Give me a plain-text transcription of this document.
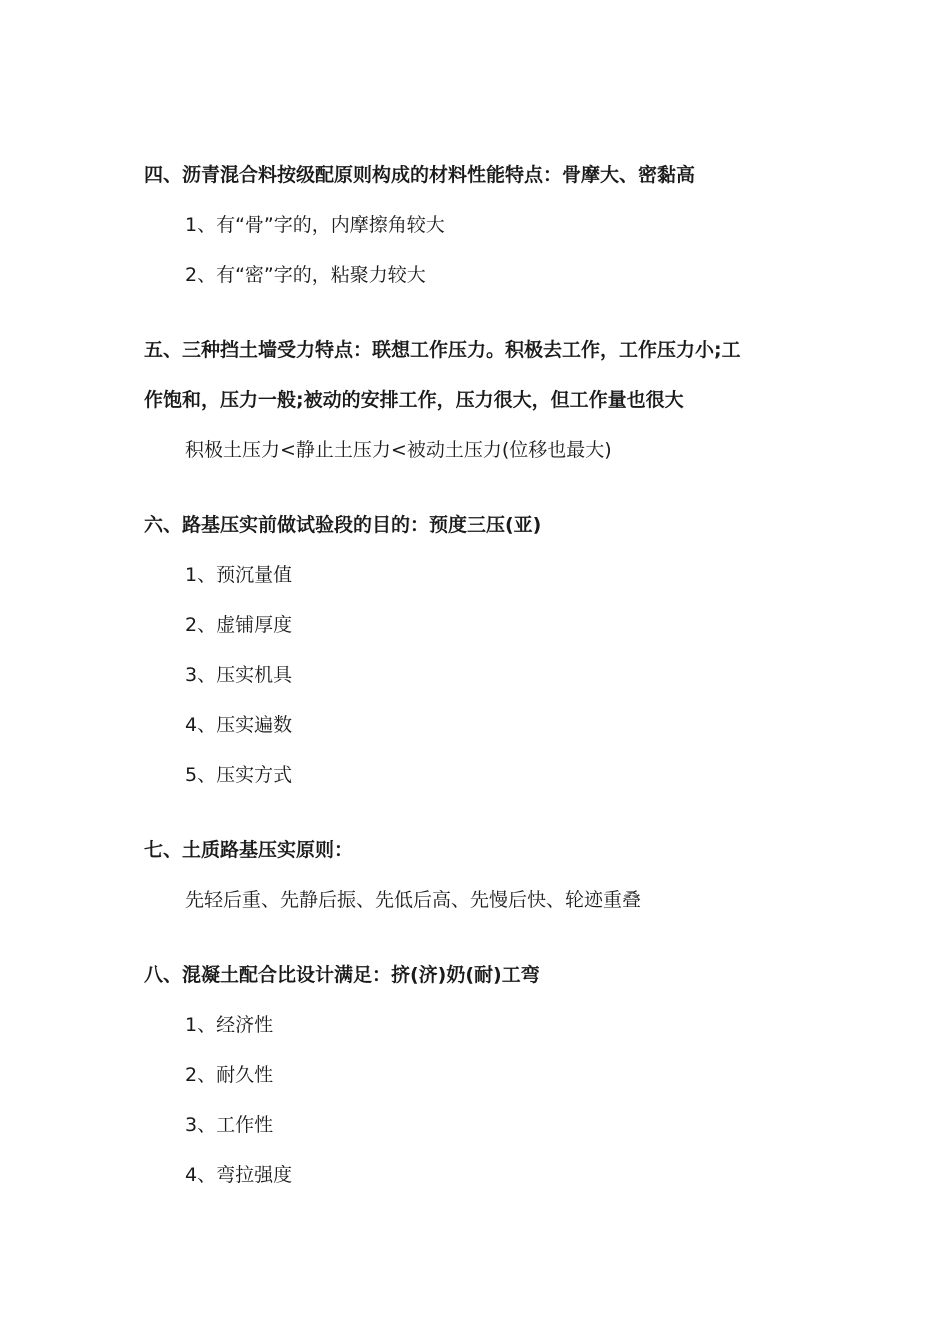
四、沥青混合料按级配原则构成的材料性能特点：骨摩大、密黏高

1、有“骨”字的，内摩擦角较大

2、有“密”字的，粘聚力较大

五、三种挡土墙受力特点：联想工作压力。积极去工作，工作压力小;工

作饱和，压力一般;被动的安排工作，压力很大，但工作量也很大

积极土压力<静止土压力<被动土压力(位移也最大)

六、路基压实前做试验段的目的：预度三压(亚)

1、预沉量值

2、虚铺厚度

3、压实机具

4、压实遍数

5、压实方式

七、土质路基压实原则：

先轻后重、先静后振、先低后高、先慢后快、轮迹重叠

八、混凝土配合比设计满足：挤(济)奶(耐)工弯

1、经济性

2、耐久性

3、工作性

4、弯拉强度
